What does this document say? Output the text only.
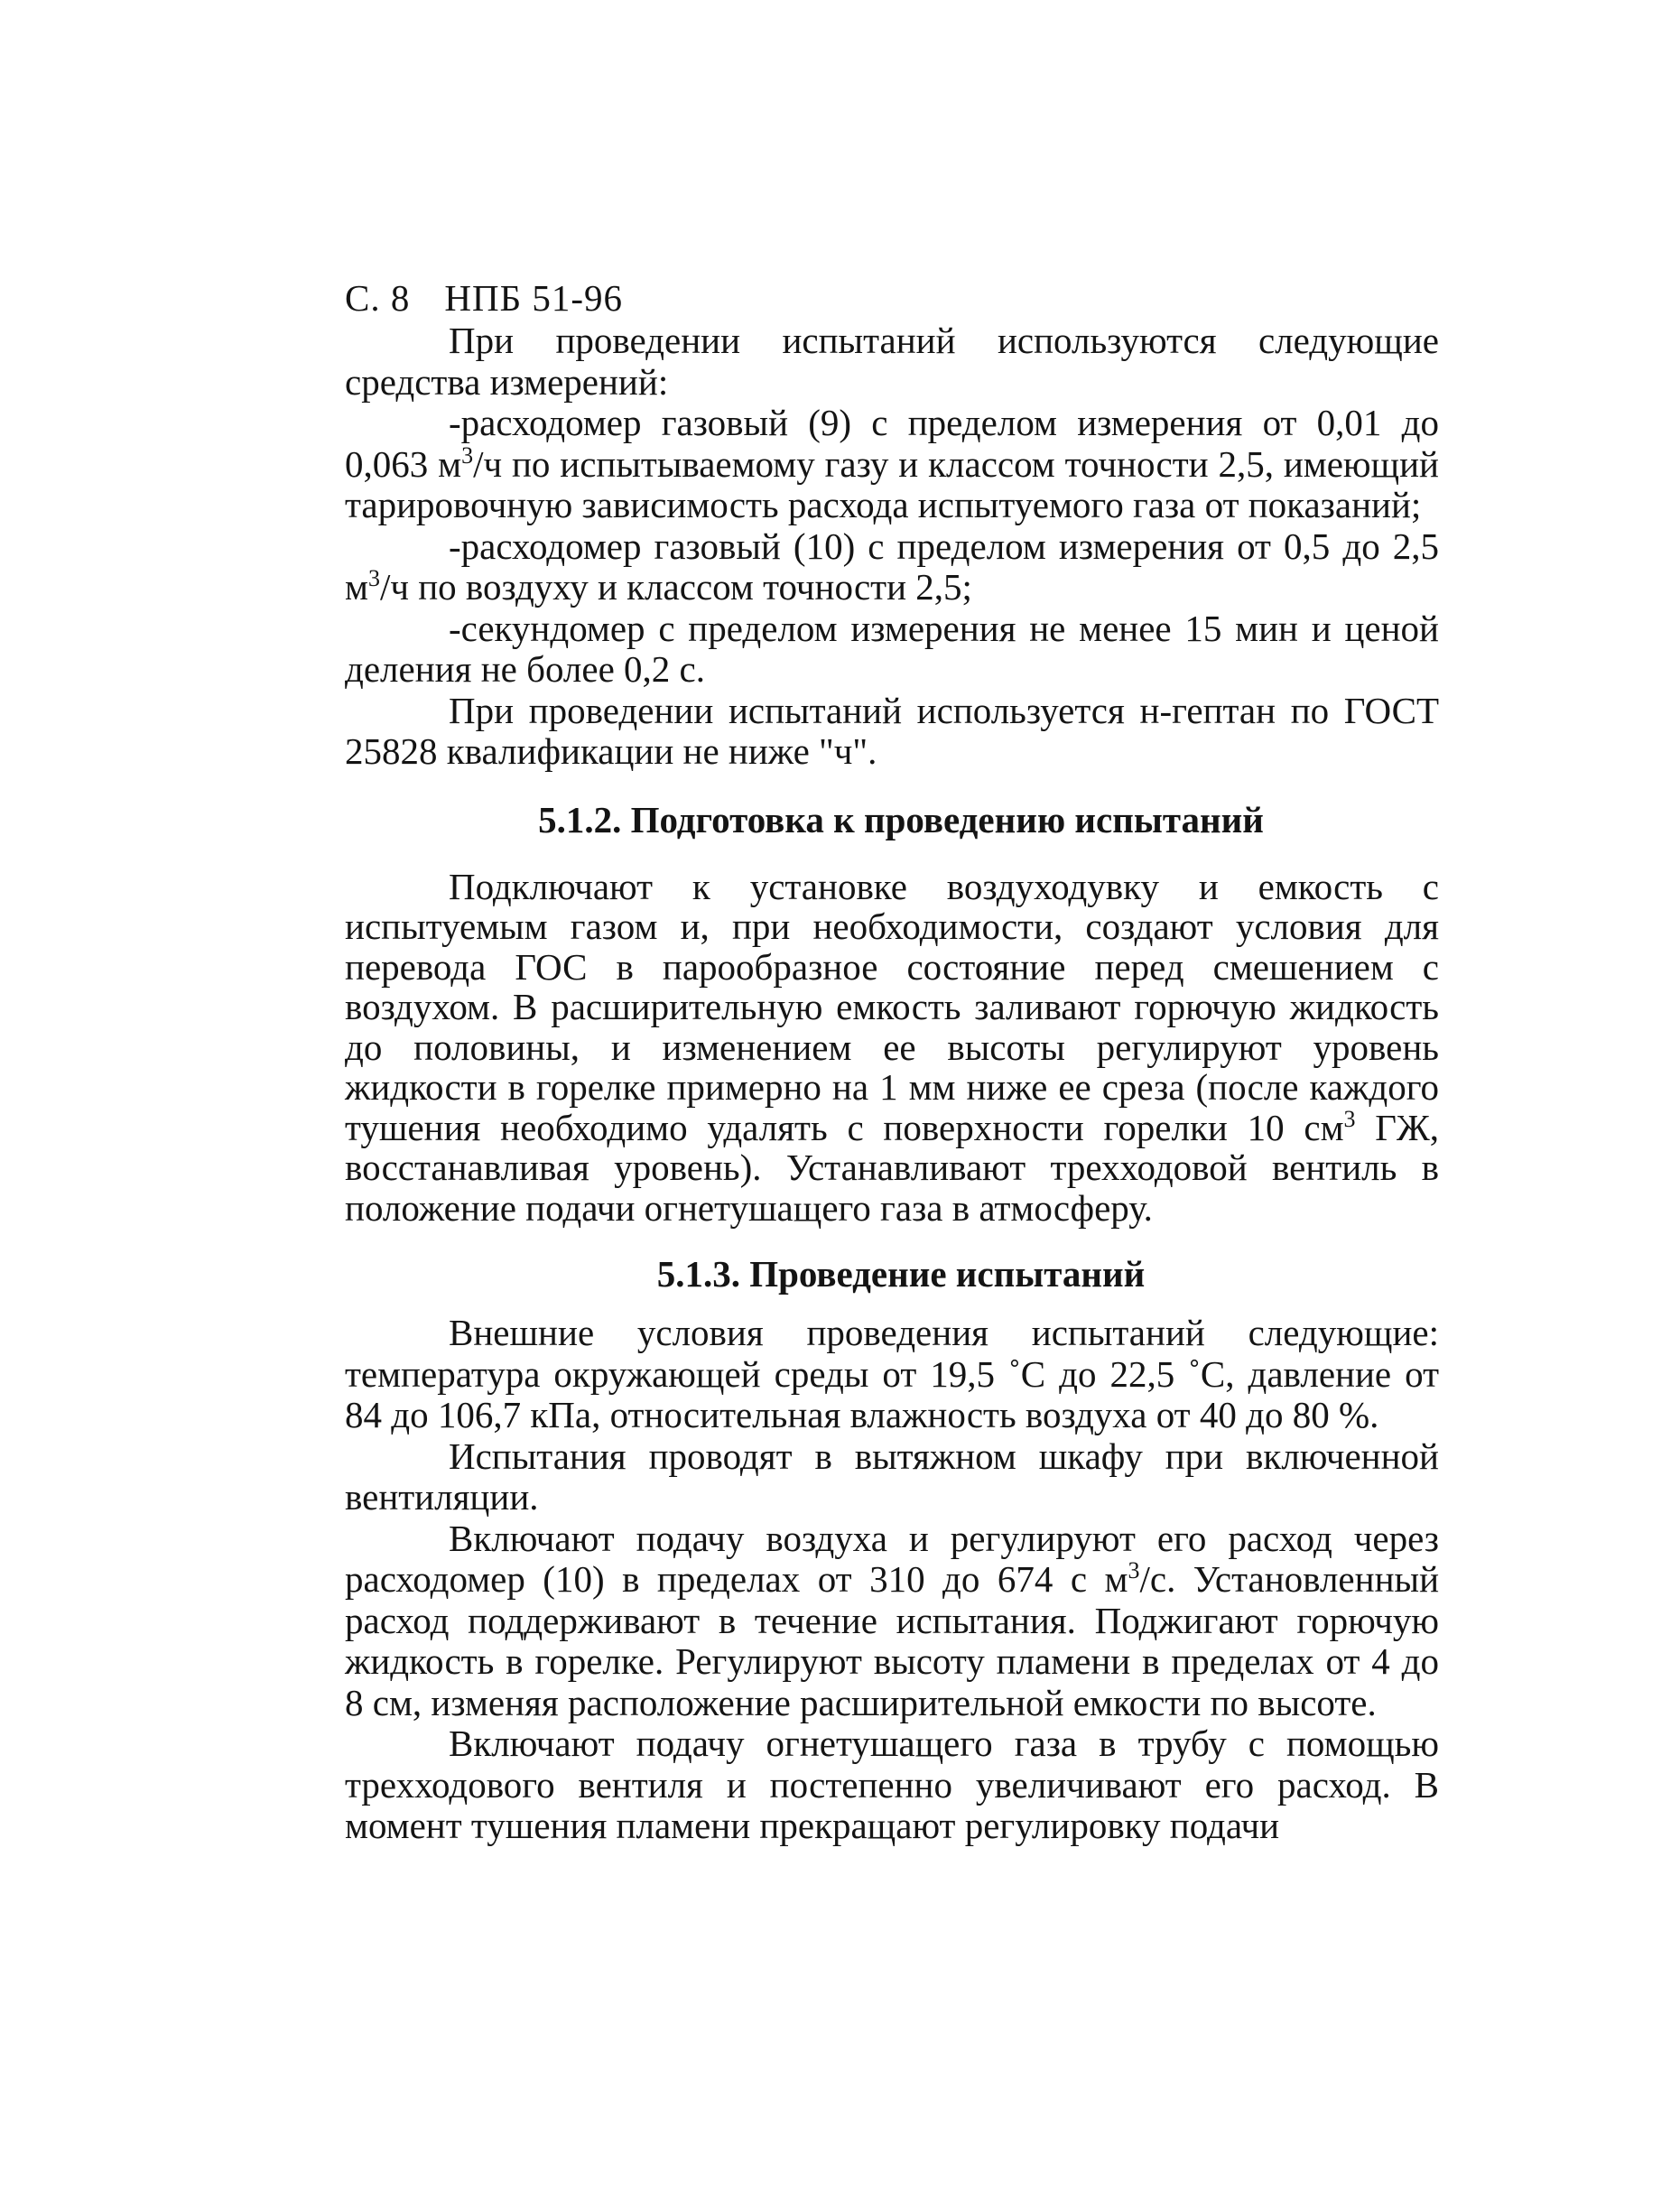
С. 8 НПБ 51-96

При проведении испытаний используются следующие средства измерений:

-расходомер газовый (9) с пределом измерения от 0,01 до 0,063 $м^3/ч$ по испытываемому газу и классом точности 2,5, имеющий тарировочную зависимость расхода испытуемого газа от показаний;

-расходомер газовый (10) с пределом измерения от 0,5 до 2,5 $м^3/ч$ по воздуху и классом точности 2,5;

-секундомер с пределом измерения не менее 15 мин и ценой деления не более 0,2 с.

При проведении испытаний используется н-гептан по ГОСТ 25828 квалификации не ниже "ч".

5.1.2. Подготовка к проведению испытаний

Подключают к установке воздуходувку и емкость с испытуемым газом и, при необходимости, создают условия для перевода ГОС в парообразное состояние перед смешением с воздухом. В расширительную емкость заливают горючую жидкость до половины, и изменением ее высоты регулируют уровень жидкости в горелке примерно на 1 мм ниже ее среза (после каждого тушения необходимо удалять с поверхности горелки 10 $см^3$ ГЖ, восстанавливая уровень). Устанавливают трехходовой вентиль в положение подачи огнетушащего газа в атмосферу.

5.1.3. Проведение испытаний

Внешние условия проведения испытаний следующие: температура окружающей среды от 19,5 ˚С до 22,5 ˚С, давление от 84 до 106,7 кПа, относительная влажность воздуха от 40 до 80 %.

Испытания проводят в вытяжном шкафу при включенной вентиляции.

Включают подачу воздуха и регулируют его расход через расходомер (10) в пределах от 310 до 674 с $м^3/с$. Установленный расход поддерживают в течение испытания. Поджигают горючую жидкость в горелке. Регулируют высоту пламени в пределах от 4 до 8 см, изменяя расположение расширительной емкости по высоте.

Включают подачу огнетушащего газа в трубу с помощью трехходового вентиля и постепенно увеличивают его расход. В момент тушения пламени прекращают регулировку подачи
